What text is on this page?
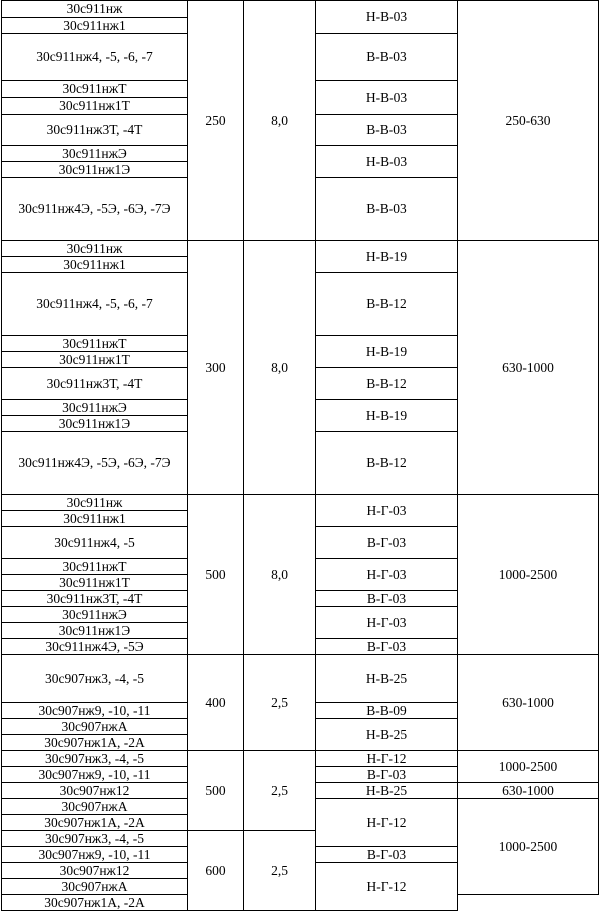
30с911нж	250	8,0	Н-В-03	250-630
30с911нж1				
30с911нж4, -5, -6, -7			В-В-03	
30с911нжТ			Н-В-03	
30с911нж1Т				
30с911нж3Т, -4Т			В-В-03	
30с911нжЭ			Н-В-03	
30с911нж1Э				
30с911нж4Э, -5Э, -6Э, -7Э			В-В-03	
30с911нж	300	8,0	Н-В-19	630-1000
30с911нж1				
30с911нж4, -5, -6, -7			В-В-12	
30с911нжТ			Н-В-19	
30с911нж1Т				
30с911нж3Т, -4Т			В-В-12	
30с911нжЭ			Н-В-19	
30с911нж1Э				
30с911нж4Э, -5Э, -6Э, -7Э			В-В-12	
30с911нж	500	8,0	Н-Г-03	1000-2500
30с911нж1				
30с911нж4, -5			В-Г-03	
30с911нжТ			Н-Г-03	
30с911нж1Т				
30с911нж3Т, -4Т			В-Г-03	
30с911нжЭ			Н-Г-03	
30с911нж1Э				
30с911нж4Э, -5Э			В-Г-03	
30с907нж3, -4, -5	400	2,5	Н-В-25	630-1000
30с907нж9, -10, -11			В-В-09	
30с907нжА			Н-В-25	
30с907нж1А, -2А				
30с907нж3, -4, -5	500	2,5	Н-Г-12	1000-2500
30с907нж9, -10, -11			В-Г-03	
30с907нж12			Н-В-25	630-1000
30с907нжА			Н-Г-12	1000-2500
30с907нж1А, -2А				
30с907нж3, -4, -5	600	2,5		
30с907нж9, -10, -11			В-Г-03	
30с907нж12			Н-Г-12	
30с907нжА				
30с907нж1А, -2А				
